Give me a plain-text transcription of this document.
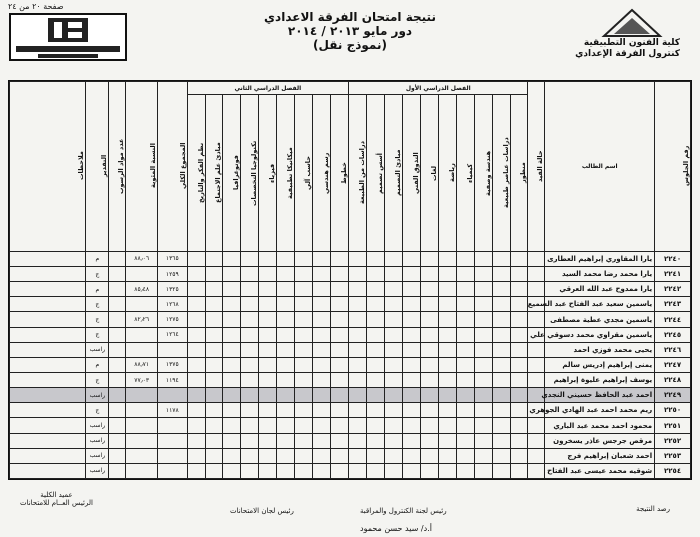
صفحة ٢٠ من ٢٤
نتيجة امتحان الفرقة الاعدادي
دور مايو ٢٠١٣ / ٢٠١٤
(نموذج نقل)	كلية الفنون التطبيقية
كنترول الفرقة الإعدادي
رقم الجلوس	اسم الطالب	حالة القيد	الفصل الدراسي الأول										الفصل الدراسي الثاني									المجموع الكلي	النسبة المئوية	عدد مواد الرسوب	التقدير	ملاحظات

			منظور	دراسات عناصر طبيعية	هندسة وصفية	كيمياء	رياضة	لغات	التذوق الفني	مبادئ التصميم	أسس تصميم	دراسات من الطبيعة	خطوط	رسم هندسي	حاسب آلي	ميكانيكا تطبيقية	فيزياء	تكنولوجيا التخصصات	فوتوغرافيا	مبادئ علم الاجتماع	نظم الفكر والتاريخ					

٢٢٤٠	يارا المقاوري إبراهيم العطارى																					١٣٦٥	٨٨٫٠٦		م	
٢٢٤١	يارا محمد رضا محمد السيد																					١٢٥٩			ج	
٢٢٤٢	يارا ممدوح عبد الله العرقي																					١٣٢٥	٨٥٫٤٨		م	
٢٢٤٣	ياسمين سعيد عبد الفتاح عبد السميع																					١٢٦٨			ج	
٢٢٤٤	ياسمين مجدي عطية مصطفى																					١٢٧٥	٨٢٫٢٦		ج	
٢٢٤٥	ياسمين مقراوي محمد دسوقي علي																					١٢٦٤			ج	
٢٢٤٦	يحيى محمد فوزي احمد																								راسب	
٢٢٤٧	يمنى إبراهيم إدريس سالم																					١٣٧٥	٨٨٫٧١		م	
٢٢٤٨	يوسف إبراهيم عليوة إبراهيم																					١١٩٤	٧٧٫٠٣		ج	
٢٢٤٩	احمد عبد الحافظ حسيني النجدي																								راسب	
٢٢٥٠	ريم محمد احمد عبد الهادي الجوهري																					١١٧٨			ج	
٢٢٥١	محمود احمد محمد عبد الباري																								راسب	
٢٢٥٢	مرقص جرجس عاذر يسخرون																								راسب	
٢٢٥٣	احمد شعبان إبراهيم فرج																								راسب	
٢٢٥٤	شوقيه محمد عيسى عبد الفتاح																								راسب	
عميد الكلية
الرئيس العــام للامتحانات
رئيس لجان الامتحانات	رئيس لجنة الكنترول والمراقبة
أ.د/ سيد حسن محمود
رصد النتيجة
